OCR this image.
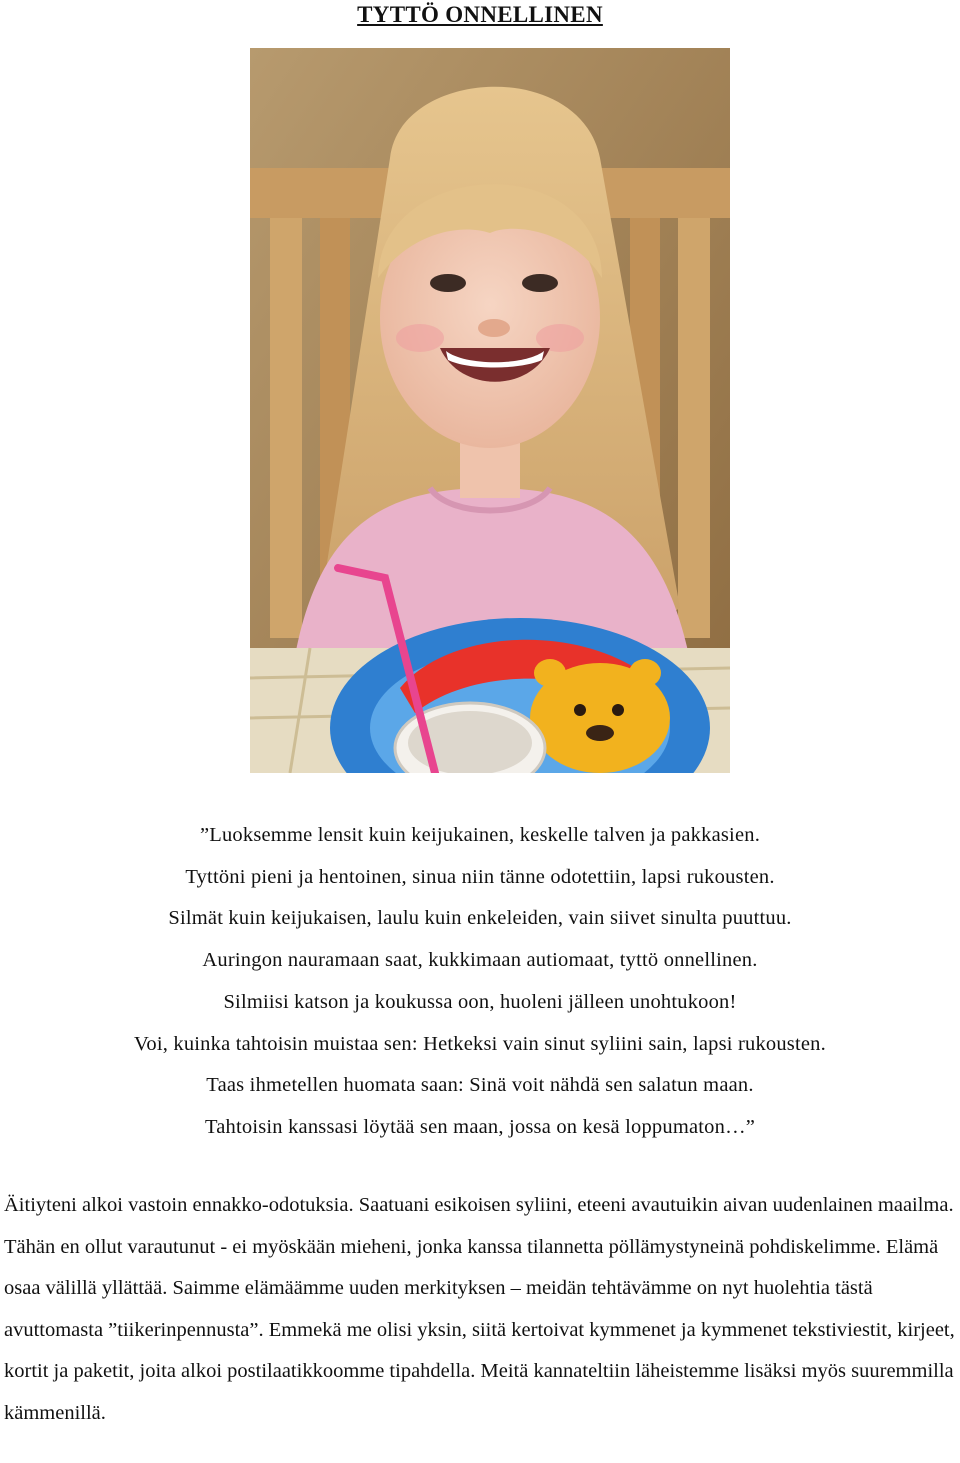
TYTTÖ ONNELLINEN
”Luoksemme lensit kuin keijukainen, keskelle talven ja pakkasien.
Tyttöni pieni ja hentoinen, sinua niin tänne odotettiin, lapsi rukousten.
Silmät kuin keijukaisen, laulu kuin enkeleiden, vain siivet sinulta puuttuu.
Auringon nauramaan saat, kukkimaan autiomaat, tyttö onnellinen.
Silmiisi katson ja koukussa oon, huoleni jälleen unohtukoon!
Voi, kuinka tahtoisin muistaa sen: Hetkeksi vain sinut syliini sain, lapsi rukousten.
Taas ihmetellen huomata saan: Sinä voit nähdä sen salatun maan.
Tahtoisin kanssasi löytää sen maan, jossa on kesä loppumaton…”
Äitiyteni alkoi vastoin ennakko-odotuksia. Saatuani esikoisen syliini, eteeni avautuikin aivan uudenlainen maailma. Tähän en ollut varautunut - ei myöskään mieheni, jonka kanssa tilannetta pöllämystyneinä pohdiskelimme. Elämä osaa välillä yllättää. Saimme elämäämme uuden merkityksen – meidän tehtävämme on nyt huolehtia tästä avuttomasta ”tiikerinpennusta”. Emmekä me olisi yksin, siitä kertoivat kymmenet ja kymmenet tekstiviestit, kirjeet, kortit ja paketit, joita alkoi postilaatikkoomme tipahdella. Meitä kannateltiin läheistemme lisäksi myös suuremmilla kämmenillä.
